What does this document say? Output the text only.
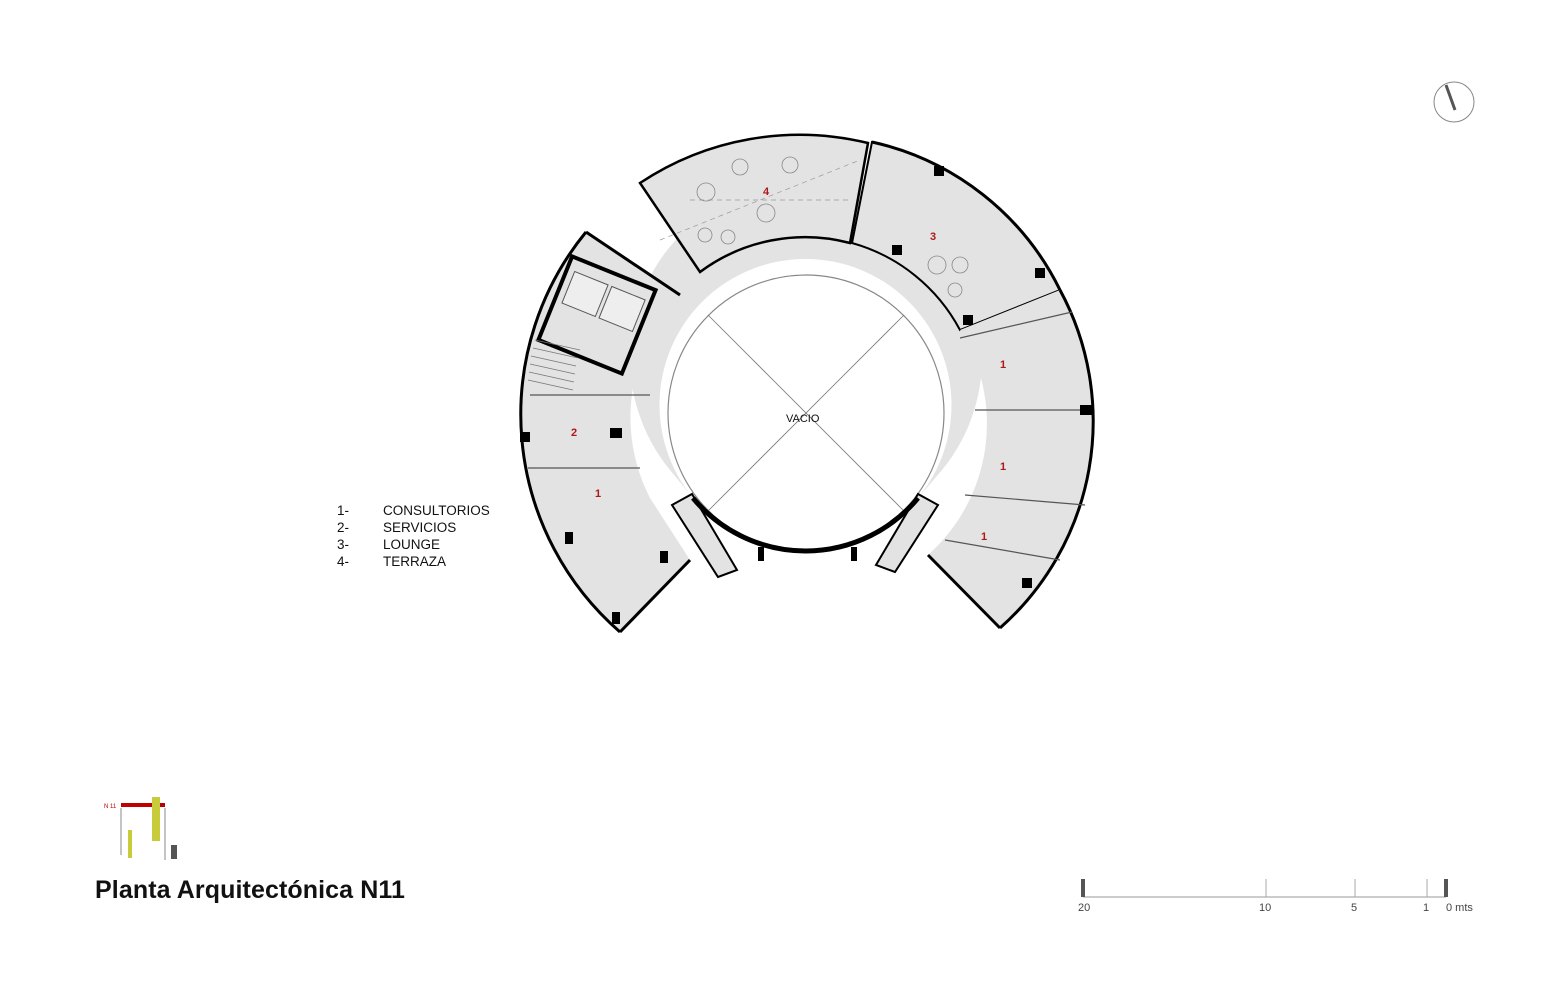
4
3
1
1
1
1
2
VACIO
N 11
20	10	5	1 0 mts
1-	CONSULTORIOS
2-	SERVICIOS
3-	LOUNGE
4-	TERRAZA
Planta Arquitectónica N11
